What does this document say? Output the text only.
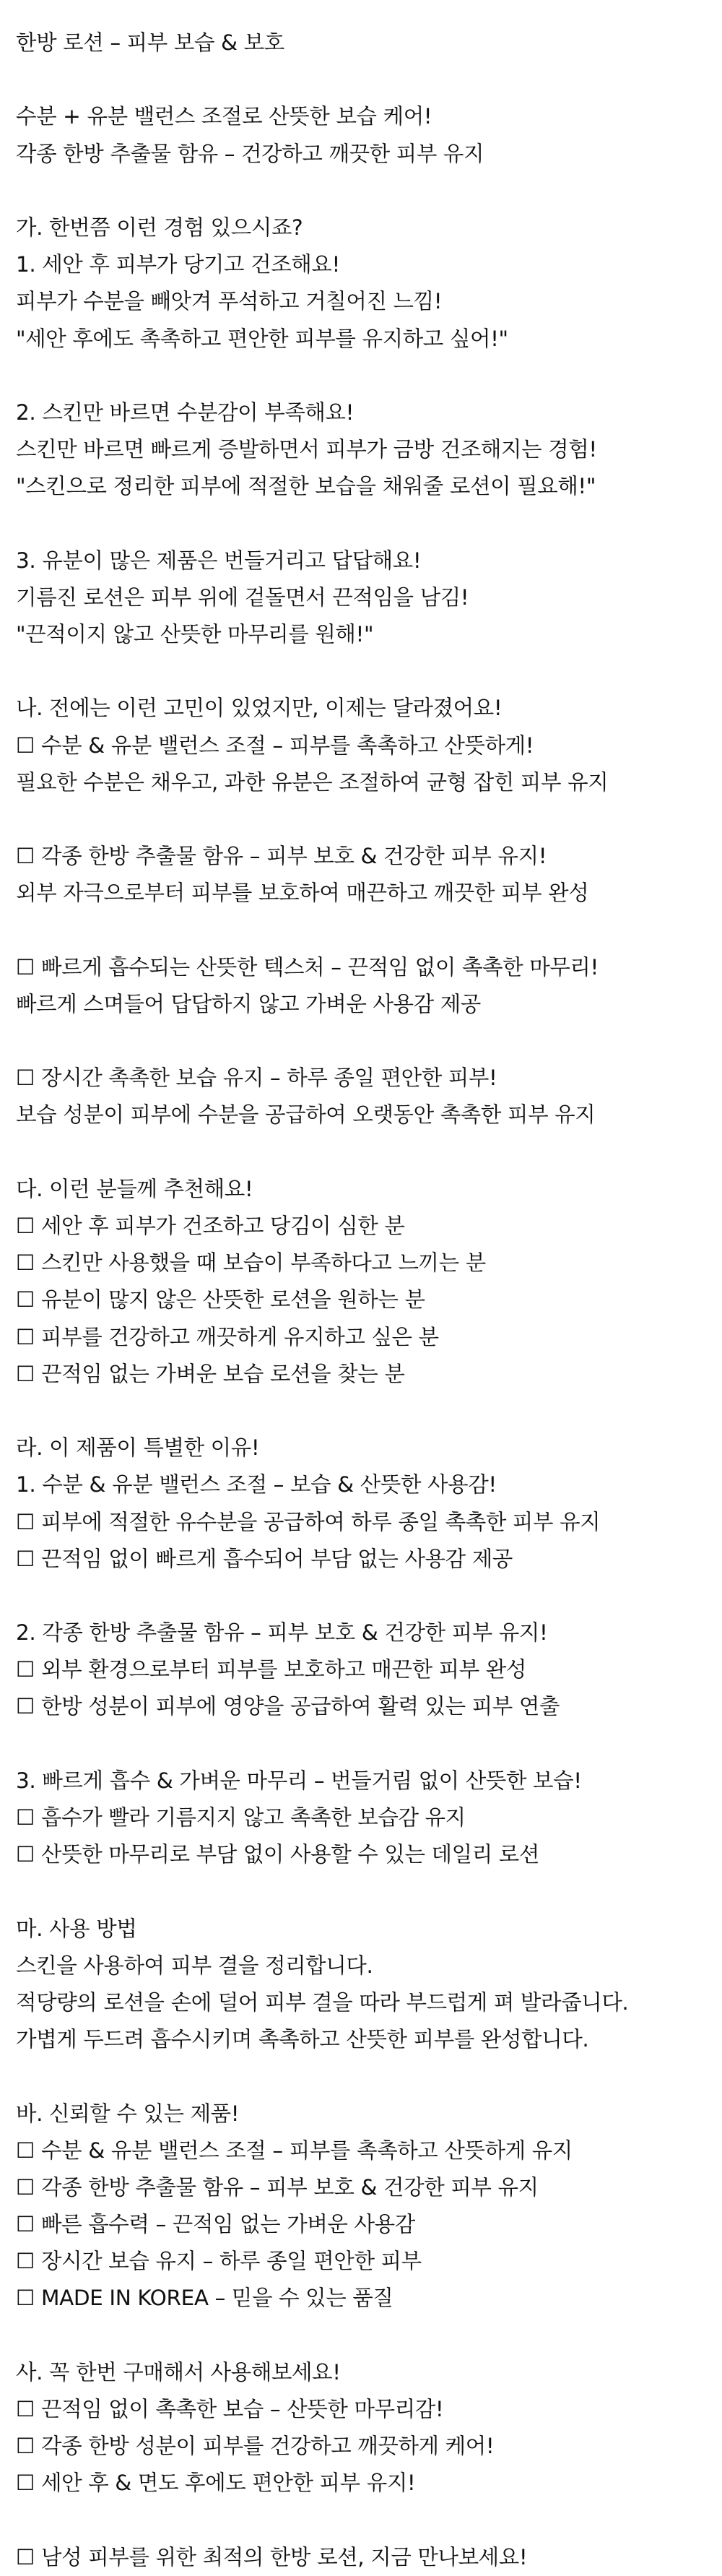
한방 로션 – 피부 보습 & 보호
수분 + 유분 밸런스 조절로 산뜻한 보습 케어!
각종 한방 추출물 함유 – 건강하고 깨끗한 피부 유지
가. 한번쯤 이런 경험 있으시죠?
1. 세안 후 피부가 당기고 건조해요!
피부가 수분을 빼앗겨 푸석하고 거칠어진 느낌!
"세안 후에도 촉촉하고 편안한 피부를 유지하고 싶어!"
2. 스킨만 바르면 수분감이 부족해요!
스킨만 바르면 빠르게 증발하면서 피부가 금방 건조해지는 경험!
"스킨으로 정리한 피부에 적절한 보습을 채워줄 로션이 필요해!"
3. 유분이 많은 제품은 번들거리고 답답해요!
기름진 로션은 피부 위에 겉돌면서 끈적임을 남김!
"끈적이지 않고 산뜻한 마무리를 원해!"
나. 전에는 이런 고민이 있었지만, 이제는 달라졌어요!
☐ 수분 & 유분 밸런스 조절 – 피부를 촉촉하고 산뜻하게!
필요한 수분은 채우고, 과한 유분은 조절하여 균형 잡힌 피부 유지
☐ 각종 한방 추출물 함유 – 피부 보호 & 건강한 피부 유지!
외부 자극으로부터 피부를 보호하여 매끈하고 깨끗한 피부 완성
☐ 빠르게 흡수되는 산뜻한 텍스처 – 끈적임 없이 촉촉한 마무리!
빠르게 스며들어 답답하지 않고 가벼운 사용감 제공
☐ 장시간 촉촉한 보습 유지 – 하루 종일 편안한 피부!
보습 성분이 피부에 수분을 공급하여 오랫동안 촉촉한 피부 유지
다. 이런 분들께 추천해요!
☐ 세안 후 피부가 건조하고 당김이 심한 분
☐ 스킨만 사용했을 때 보습이 부족하다고 느끼는 분
☐ 유분이 많지 않은 산뜻한 로션을 원하는 분
☐ 피부를 건강하고 깨끗하게 유지하고 싶은 분
☐ 끈적임 없는 가벼운 보습 로션을 찾는 분
라. 이 제품이 특별한 이유!
1. 수분 & 유분 밸런스 조절 – 보습 & 산뜻한 사용감!
☐ 피부에 적절한 유수분을 공급하여 하루 종일 촉촉한 피부 유지
☐ 끈적임 없이 빠르게 흡수되어 부담 없는 사용감 제공
2. 각종 한방 추출물 함유 – 피부 보호 & 건강한 피부 유지!
☐ 외부 환경으로부터 피부를 보호하고 매끈한 피부 완성
☐ 한방 성분이 피부에 영양을 공급하여 활력 있는 피부 연출
3. 빠르게 흡수 & 가벼운 마무리 – 번들거림 없이 산뜻한 보습!
☐ 흡수가 빨라 기름지지 않고 촉촉한 보습감 유지
☐ 산뜻한 마무리로 부담 없이 사용할 수 있는 데일리 로션
마. 사용 방법
스킨을 사용하여 피부 결을 정리합니다.
적당량의 로션을 손에 덜어 피부 결을 따라 부드럽게 펴 발라줍니다.
가볍게 두드려 흡수시키며 촉촉하고 산뜻한 피부를 완성합니다.
바. 신뢰할 수 있는 제품!
☐ 수분 & 유분 밸런스 조절 – 피부를 촉촉하고 산뜻하게 유지
☐ 각종 한방 추출물 함유 – 피부 보호 & 건강한 피부 유지
☐ 빠른 흡수력 – 끈적임 없는 가벼운 사용감
☐ 장시간 보습 유지 – 하루 종일 편안한 피부
☐ MADE IN KOREA – 믿을 수 있는 품질
사. 꼭 한번 구매해서 사용해보세요!
☐ 끈적임 없이 촉촉한 보습 – 산뜻한 마무리감!
☐ 각종 한방 성분이 피부를 건강하고 깨끗하게 케어!
☐ 세안 후 & 면도 후에도 편안한 피부 유지!
☐ 남성 피부를 위한 최적의 한방 로션, 지금 만나보세요!
